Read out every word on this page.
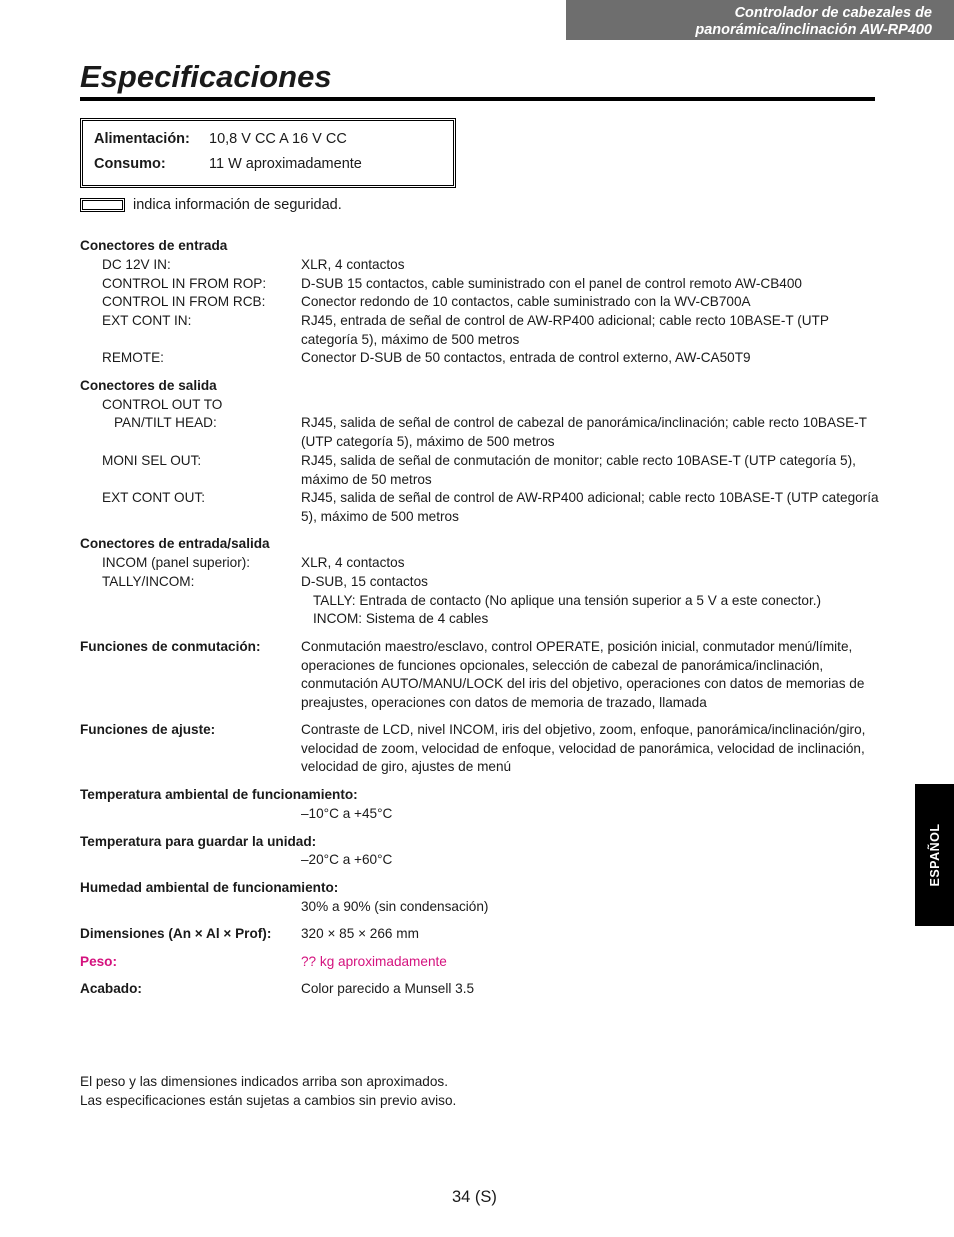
Controlador de cabezales de
panorámica/inclinación AW-RP400
Especificaciones
Alimentación: 10,8 V CC A 16 V CC
Consumo:	11 W aproximadamente
indica información de seguridad.
Conectores de entrada
DC 12V IN:	XLR, 4 contactos
CONTROL IN FROM ROP:	D-SUB 15 contactos, cable suministrado con el panel de control remoto AW-CB400
CONTROL IN FROM RCB:	Conector redondo de 10 contactos, cable suministrado con la WV-CB700A
EXT CONT IN:	RJ45, entrada de señal de control de AW-RP400 adicional; cable recto 10BASE-T (UTP categoría 5), máximo de 500 metros
REMOTE:	Conector D-SUB de 50 contactos, entrada de control externo, AW-CA50T9
Conectores de salida
CONTROL OUT TO
PAN/TILT HEAD:	RJ45, salida de señal de control de cabezal de panorámica/inclinación; cable recto 10BASE-T (UTP categoría 5), máximo de 500 metros
MONI SEL OUT:	RJ45, salida de señal de conmutación de monitor; cable recto 10BASE-T (UTP categoría 5), máximo de 50 metros
EXT CONT OUT:	RJ45, salida de señal de control de AW-RP400 adicional; cable recto 10BASE-T (UTP categoría 5), máximo de 500 metros
Conectores de entrada/salida
INCOM (panel superior):	XLR, 4 contactos
TALLY/INCOM:	D-SUB, 15 contactos
TALLY: Entrada de contacto (No aplique una tensión superior a 5 V a este conector.)
INCOM: Sistema de 4 cables
Funciones de conmutación:	Conmutación maestro/esclavo, control OPERATE, posición inicial, conmutador menú/límite, operaciones de funciones opcionales, selección de cabezal de panorámica/inclinación, conmutación AUTO/MANU/LOCK del iris del objetivo, operaciones con datos de memorias de preajustes, operaciones con datos de memoria de trazado, llamada
Funciones de ajuste:	Contraste de LCD, nivel INCOM, iris del objetivo, zoom, enfoque, panorámica/inclinación/giro, velocidad de zoom, velocidad de enfoque, velocidad de panorámica, velocidad de inclinación, velocidad de giro, ajustes de menú
Temperatura ambiental de funcionamiento:
–10°C a +45°C
Temperatura para guardar la unidad:
–20°C a +60°C
Humedad ambiental de funcionamiento:
30% a 90% (sin condensación)
Dimensiones (An × Al × Prof): 320 × 85 × 266 mm
Peso:	?? kg aproximadamente
Acabado:	Color parecido a Munsell 3.5
El peso y las dimensiones indicados arriba son aproximados.
Las especificaciones están sujetas a cambios sin previo aviso.
ESPAÑOL
34 (S)
